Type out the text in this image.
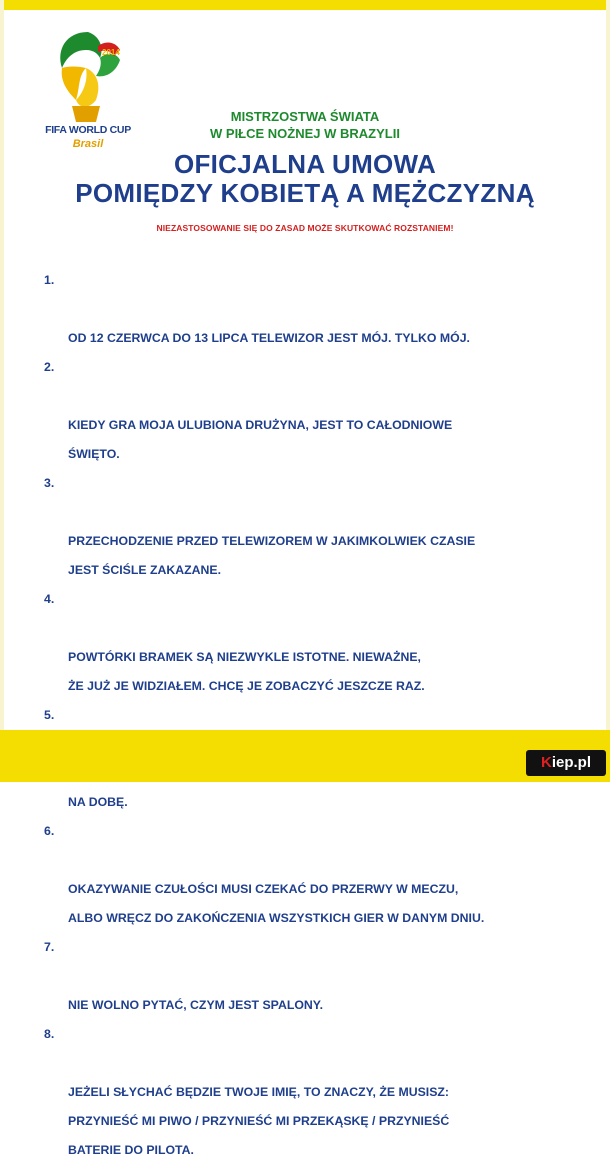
2014
FIFA WORLD CUP
Brasil
MISTRZOSTWA ŚWIATA
W PIŁCE NOŻNEJ W BRAZYLII
OFICJALNA UMOWA
POMIĘDZY KOBIETĄ A MĘŻCZYZNĄ
NIEZASTOSOWANIE SIĘ DO ZASAD MOŻE SKUTKOWAĆ ROZSTANIEM!

1.

OD 12 CZERWCA DO 13 LIPCA TELEWIZOR JEST MÓJ. TYLKO MÓJ.

2.

KIEDY GRA MOJA ULUBIONA DRUŻYNA, JEST TO CAŁODNIOWE
ŚWIĘTO.

3.

PRZECHODZENIE PRZED TELEWIZOREM W JAKIMKOLWIEK CZASIE
JEST ŚCIŚLE ZAKAZANE.

4.

POWTÓRKI BRAMEK SĄ NIEZWYKLE ISTOTNE. NIEWAŻNE,
ŻE JUŻ JE WIDZIAŁEM. CHCĘ JE ZOBACZYĆ JESZCZE RAZ.

5.

NA DOBĘ.

6.

OKAZYWANIE CZUŁOŚCI MUSI CZEKAĆ DO PRZERWY W MECZU,
ALBO WRĘCZ DO ZAKOŃCZENIA WSZYSTKICH GIER W DANYM DNIU.

7.

NIE WOLNO PYTAĆ, CZYM JEST SPALONY.

8.

JEŻELI SŁYCHAĆ BĘDZIE TWOJE IMIĘ, TO ZNACZY, ŻE MUSISZ:
PRZYNIEŚĆ MI PIWO / PRZYNIEŚĆ MI PRZEKĄSKĘ / PRZYNIEŚĆ
BATERIE DO PILOTA.

Kiep.pl
